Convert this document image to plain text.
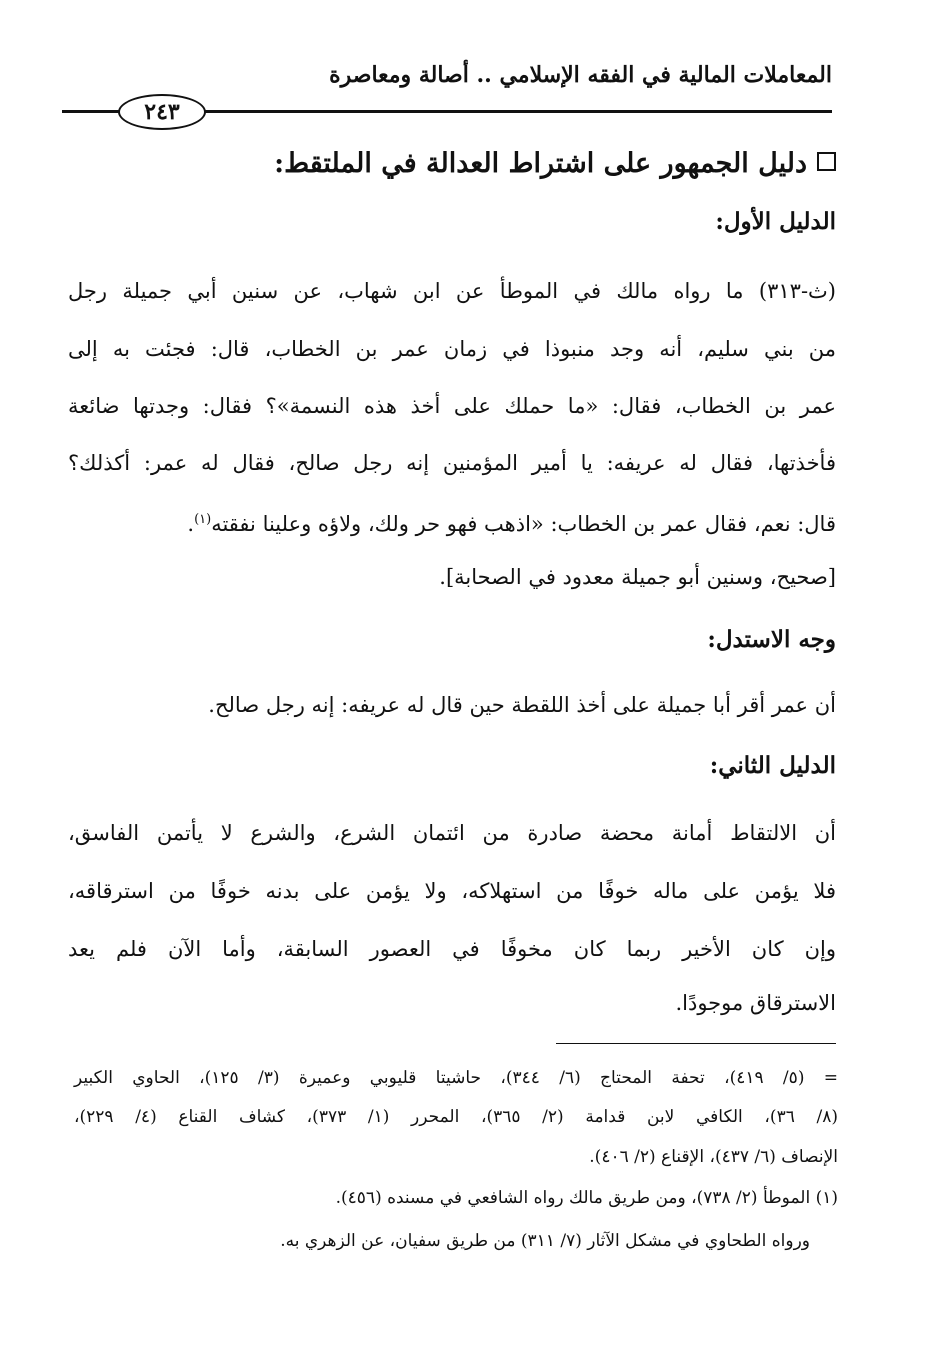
المعاملات المالية في الفقه الإسلامي .. أصالة ومعاصرة
٢٤٣
دليل الجمهور على اشتراط العدالة في الملتقط:
الدليل الأول:
(ث-٣١٣) ما رواه مالك في الموطأ عن ابن شهاب، عن سنين أبي جميلة رجل
من بني سليم، أنه وجد منبوذا في زمان عمر بن الخطاب، قال: فجئت به إلى
عمر بن الخطاب، فقال: «ما حملك على أخذ هذه النسمة»؟ فقال: وجدتها ضائعة
فأخذتها، فقال له عريفه: يا أمير المؤمنين إنه رجل صالح، فقال له عمر: أكذلك؟
قال: نعم، فقال عمر بن الخطاب: «اذهب فهو حر ولك، ولاؤه وعلينا نفقته$^{(١)}$.
[صحيح، وسنين أبو جميلة معدود في الصحابة].
وجه الاستدل:
أن عمر أقر أبا جميلة على أخذ اللقطة حين قال له عريفه: إنه رجل صالح.
الدليل الثاني:
أن الالتقاط أمانة محضة صادرة من ائتمان الشرع، والشرع لا يأتمن الفاسق،
فلا يؤمن على ماله خوفًا من استهلاكه، ولا يؤمن على بدنه خوفًا من استرقاقه،
وإن كان الأخير ربما كان مخوفًا في العصور السابقة، وأما الآن فلم يعد
الاسترقاق موجودًا.
= (٥/ ٤١٩)، تحفة المحتاج (٦/ ٣٤٤)، حاشيتا قليوبي وعميرة (٣/ ١٢٥)، الحاوي الكبير
(٨/ ٣٦)، الكافي لابن قدامة (٢/ ٣٦٥)، المحرر (١/ ٣٧٣)، كشاف القناع (٤/ ٢٢٩)،
الإنصاف (٦/ ٤٣٧)، الإقناع (٢/ ٤٠٦).
(١) الموطأ (٢/ ٧٣٨)، ومن طريق مالك رواه الشافعي في مسنده (٤٥٦).
ورواه الطحاوي في مشكل الآثار (٧/ ٣١١) من طريق سفيان، عن الزهري به.
